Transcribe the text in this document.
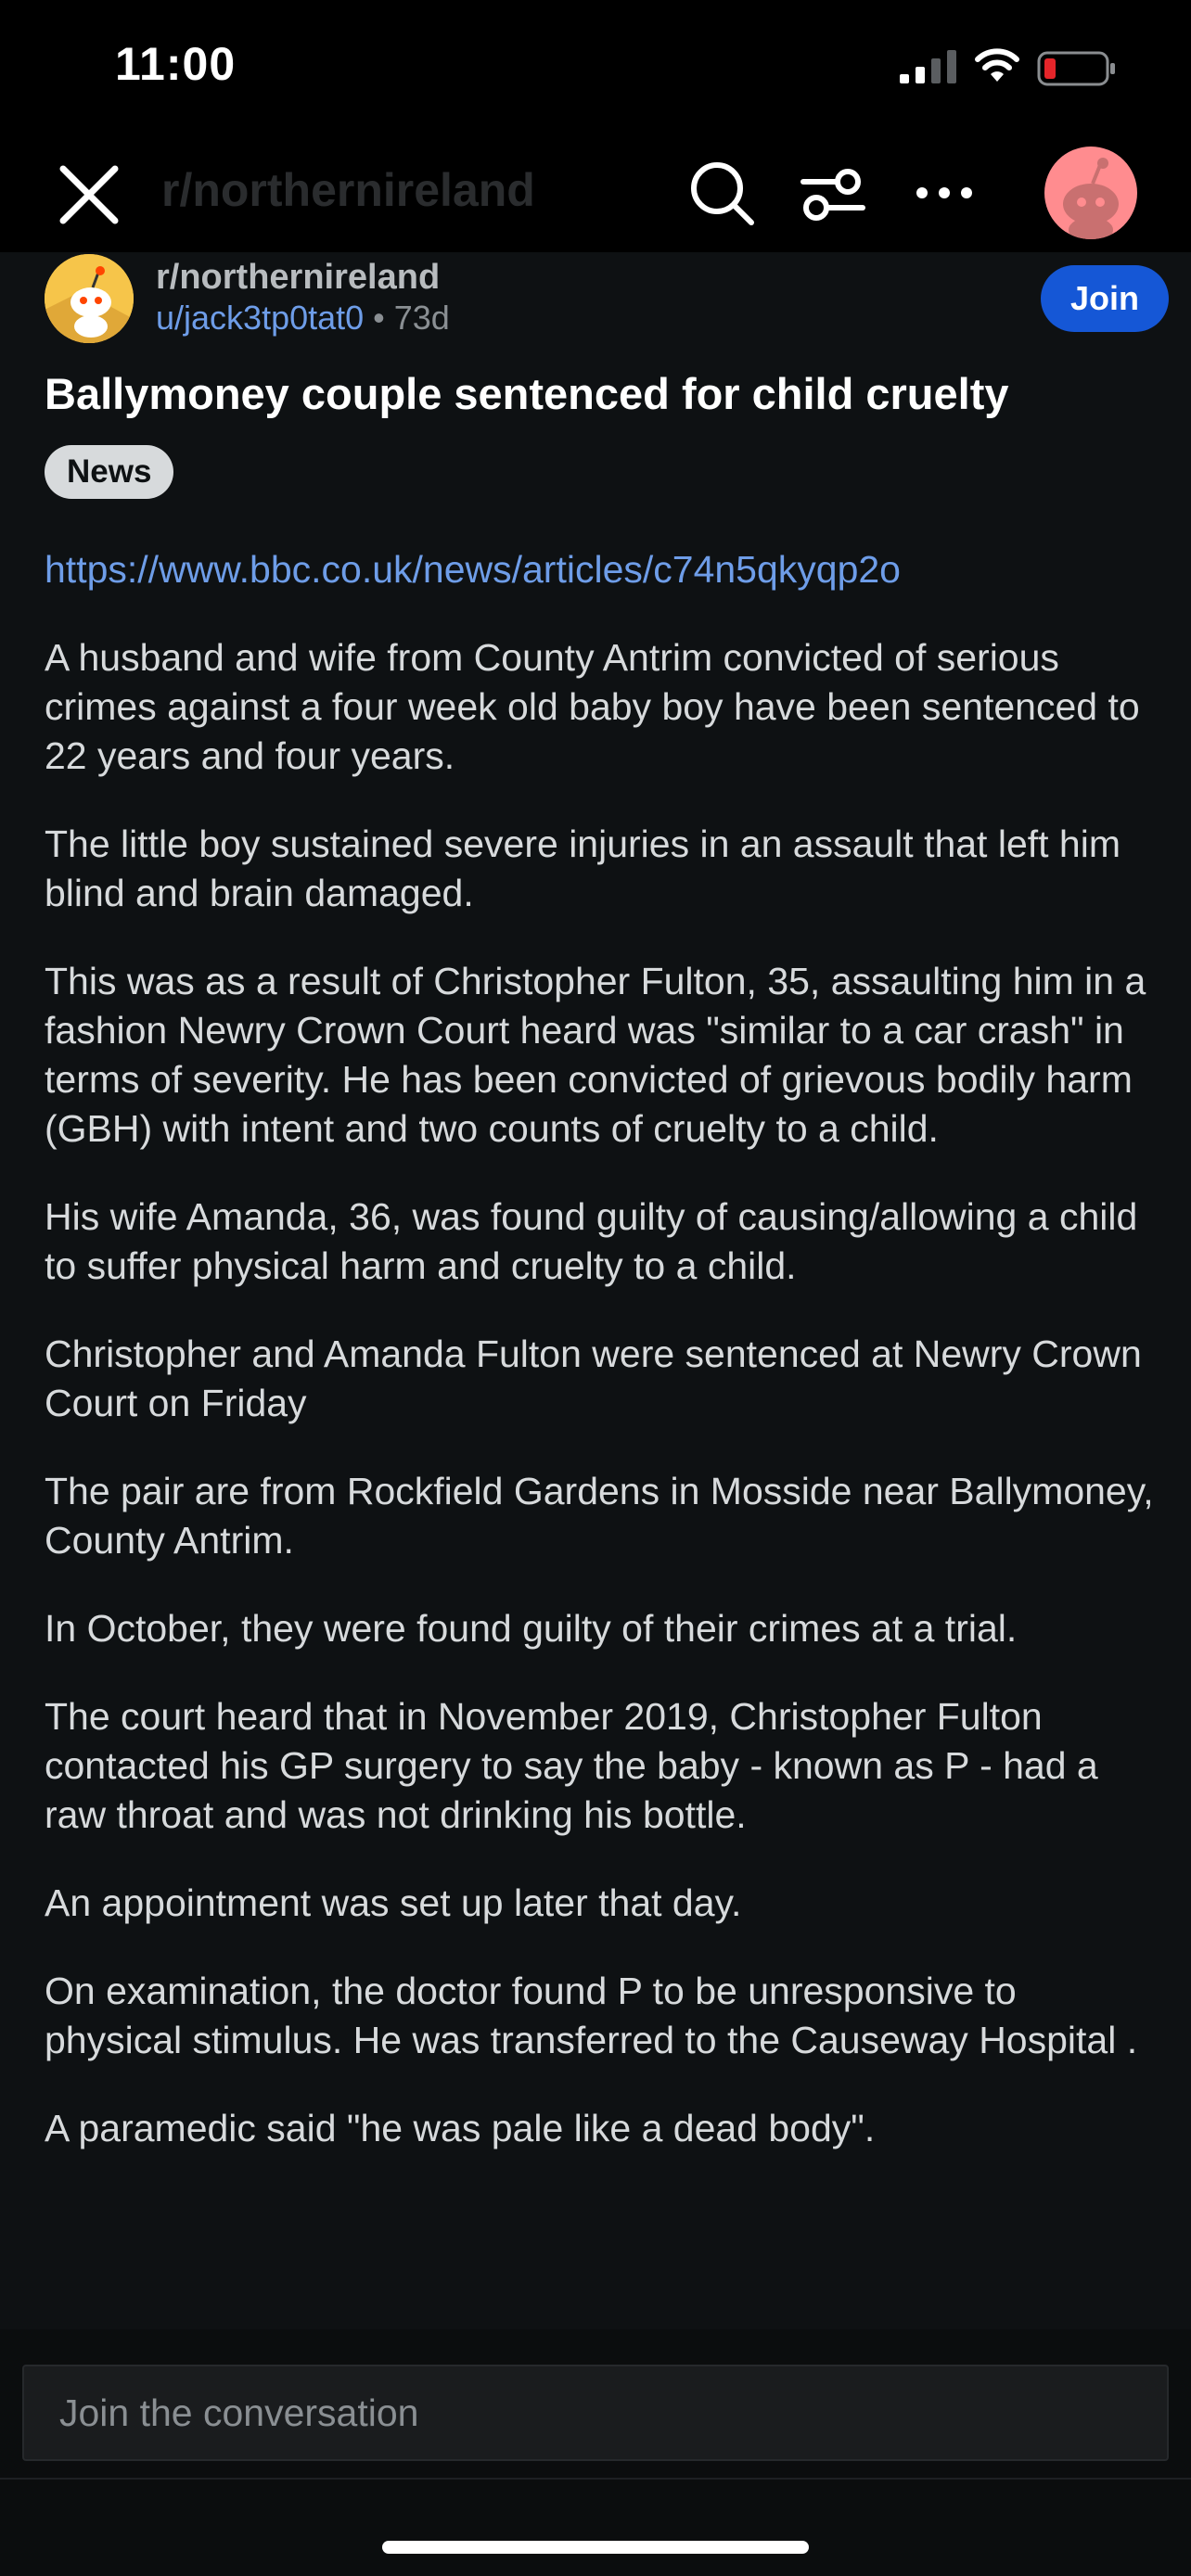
11:00
r/northernireland
r/northernireland
u/jack3tp0tat0 • 73d
Join
Ballymoney couple sentenced for child cruelty
News
https://www.bbc.co.uk/news/articles/c74n5qkyqp2o

A husband and wife from County Antrim convicted of serious crimes against a four week old baby boy have been sentenced to 22 years and four years.

The little boy sustained severe injuries in an assault that left him blind and brain damaged.

This was as a result of Christopher Fulton, 35, assaulting him in a fashion Newry Crown Court heard was "similar to a car crash" in terms of severity. He has been convicted of grievous bodily harm (GBH) with intent and two counts of cruelty to a child.

His wife Amanda, 36, was found guilty of causing/allowing a child to suffer physical harm and cruelty to a child.

Christopher and Amanda Fulton were sentenced at Newry Crown Court on Friday

The pair are from Rockfield Gardens in Mosside near Ballymoney, County Antrim.

In October, they were found guilty of their crimes at a trial.

The court heard that in November 2019, Christopher Fulton contacted his GP surgery to say the baby - known as P - had a raw throat and was not drinking his bottle.

An appointment was set up later that day.

On examination, the doctor found P to be unresponsive to physical stimulus. He was transferred to the Causeway Hospital .

A paramedic said "he was pale like a dead body".

Join the conversation
